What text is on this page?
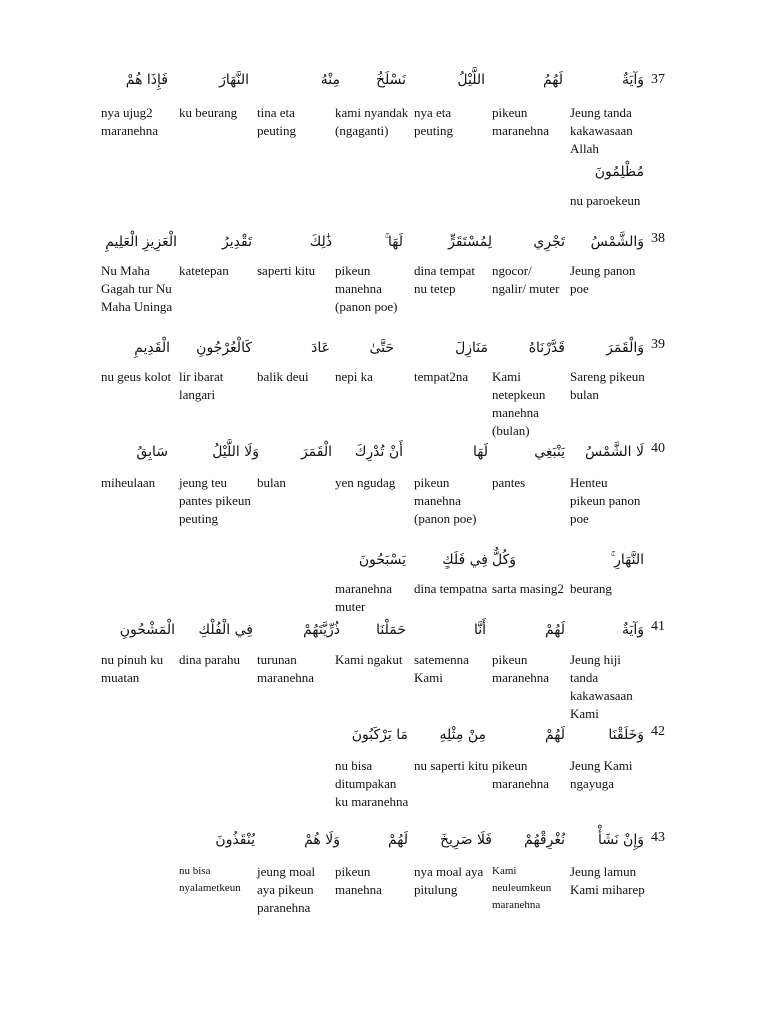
37
وَآيَةٌ
لَهُمُ
اللَّيْلُ
نَسْلَخُ
مِنْهُ
النَّهَارَ
فَإِذَا هُمْ
Jeung tanda kakawasaan Allah
pikeun maranehna
nya eta peuting
kami nyandak (ngaganti)
tina eta peuting
ku beurang
nya ujug2 maranehna
مُظْلِمُونَ
nu paroekeun
38
وَالشَّمْسُ
تَجْرِي
لِمُسْتَقَرٍّ
لَهَا ۚ
ذَٰلِكَ
تَقْدِيرُ
الْعَزِيزِ الْعَلِيمِ
Jeung panon poe
ngocor/ ngalir/ muter
dina tempat nu tetep
pikeun manehna (panon poe)
saperti kitu
katetepan
Nu Maha Gagah tur Nu Maha Uninga
39
وَالْقَمَرَ
قَدَّرْنَاهُ
مَنَازِلَ
حَتَّىٰ
عَادَ
كَالْعُرْجُونِ
الْقَدِيمِ
Sareng pikeun bulan
Kami netepkeun manehna (bulan)
tempat2na
nepi ka
balik deui
lir ibarat langari
nu geus kolot
40
لَا الشَّمْسُ
يَنْبَغِي
لَهَا
أَنْ تُدْرِكَ
الْقَمَرَ
وَلَا اللَّيْلُ
سَابِقُ
Henteu pikeun panon poe
pantes
pikeun manehna (panon poe)
yen ngudag
bulan
jeung teu pantes pikeun peuting
miheulaan
النَّهَارِ ۚ
وَكُلٌّ
فِي فَلَكٍ
يَسْبَحُونَ
beurang
sarta masing2
dina tempatna
maranehna muter
41
وَآيَةٌ
لَهُمْ
أَنَّا
حَمَلْنَا
ذُرِّيَّتَهُمْ
فِي الْفُلْكِ
الْمَشْحُونِ
Jeung hiji tanda kakawasaan Kami
pikeun maranehna
satemenna Kami
Kami ngakut
turunan maranehna
dina parahu
nu pinuh ku muatan
42
وَخَلَقْنَا
لَهُمْ
مِنْ مِثْلِهِ
مَا يَرْكَبُونَ
Jeung Kami ngayuga
pikeun maranehna
nu saperti kitu
nu bisa ditumpakan ku maranehna
43
وَإِنْ نَشَأْ
نُغْرِقْهُمْ
فَلَا صَرِيخَ
لَهُمْ
وَلَا هُمْ
يُنْقَذُونَ
Jeung lamun Kami miharep
Kami neuleumkeun maranehna
nya moal aya pitulung
pikeun manehna
jeung moal aya pikeun paranehna
nu bisa nyalametkeun
